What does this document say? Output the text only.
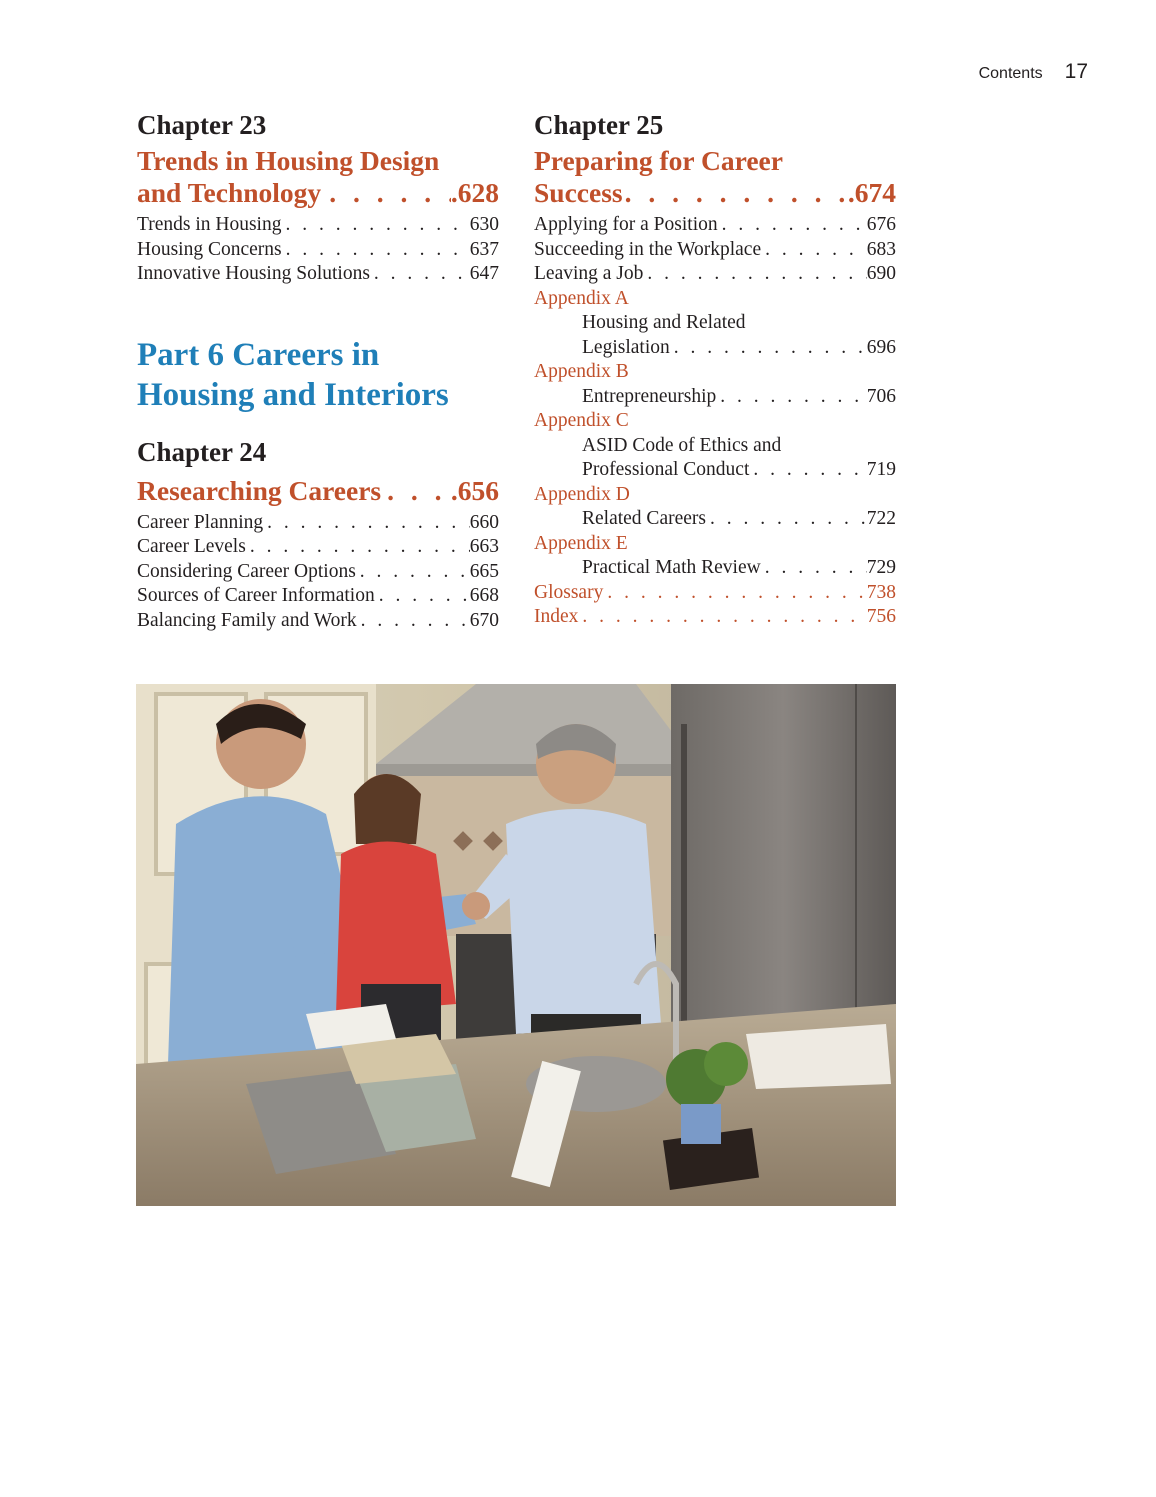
Contents 17

Chapter 23

Trends in Housing Design
and Technology . . .	.628
Trends in Housing . . .	630
Housing Concerns . . .	637
Innovative Housing Solutions . . .	647
Part 6 Careers in
Housing and Interiors

Chapter 24

Researching Careers . . .	.656
Career Planning . . .	660
Career Levels . . .	663
Considering Career Options . . .	665
Sources of Career Information . . .	668
Balancing Family and Work . . .	670

Chapter 25

Preparing for Career
Success . . .	.674
Applying for a Position . . .	676
Succeeding in the Workplace . . .	683
Leaving a Job . . .	690
Appendix A
Housing and Related
Legislation . . .	696
Appendix B
Entrepreneurship . . .	706
Appendix C
ASID Code of Ethics and
Professional Conduct . . .	719
Appendix D
Related Careers . . .	722
Appendix E
Practical Math Review . . .	729
Glossary . . .	738
Index . . .	756
